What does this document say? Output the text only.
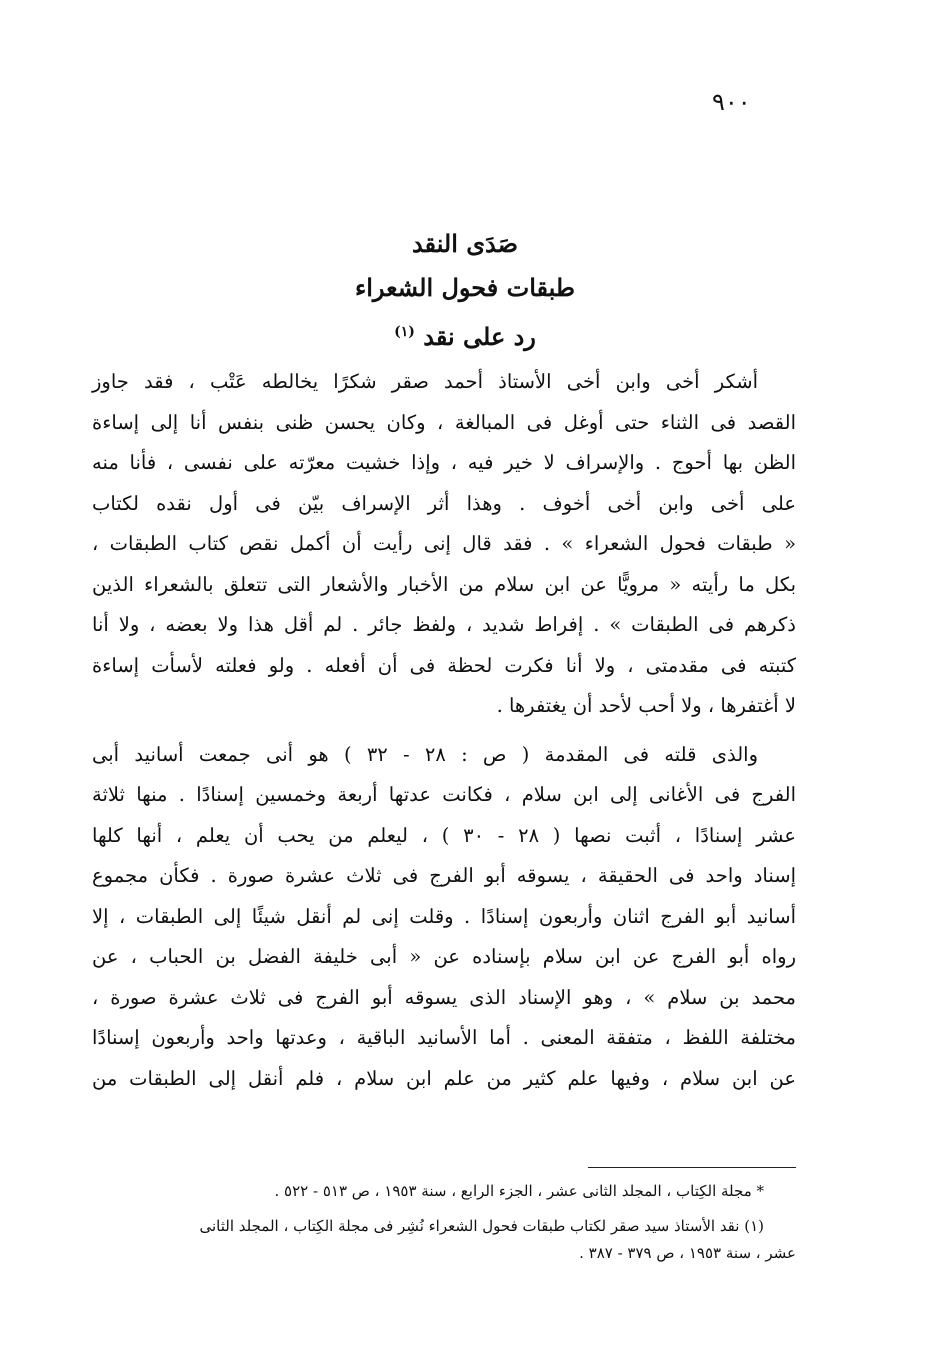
٩٠٠
صَدَى النقد
طبقات فحول الشعراء
رد على نقد $^{(١)}$
أشكر أخى وابن أخى الأستاذ أحمد صقر شكرًا يخالطه عَتْب ، فقد جاوز
القصد فى الثناء حتى أوغل فى المبالغة ، وكان يحسن ظنى بنفس أنا إلى إساءة
الظن بها أحوج . والإسراف لا خير فيه ، وإذا خشيت معرّته على نفسى ، فأنا منه
على أخى وابن أخى أخوف . وهذا أثر الإسراف بيّن فى أول نقده لكتاب
« طبقات فحول الشعراء » . فقد قال إنى رأيت أن أكمل نقص كتاب الطبقات ،
بكل ما رأيته « مرويًّا عن ابن سلام من الأخبار والأشعار التى تتعلق بالشعراء الذين
ذكرهم فى الطبقات » . إفراط شديد ، ولفظ جائر . لم أقل هذا ولا بعضه ، ولا أنا
كتبته فى مقدمتى ، ولا أنا فكرت لحظة فى أن أفعله . ولو فعلته لأسأت إساءة
لا أغتفرها ، ولا أحب لأحد أن يغتفرها .
والذى قلته فى المقدمة ( ص : ٢٨ - ٣٢ ) هو أنى جمعت أسانيد أبى
الفرج فى الأغانى إلى ابن سلام ، فكانت عدتها أربعة وخمسين إسنادًا . منها ثلاثة
عشر إسنادًا ، أثبت نصها ( ٢٨ - ٣٠ ) ، ليعلم من يحب أن يعلم ، أنها كلها
إسناد واحد فى الحقيقة ، يسوقه أبو الفرج فى ثلاث عشرة صورة . فكأن مجموع
أسانيد أبو الفرج اثنان وأربعون إسنادًا . وقلت إنى لم أنقل شيئًا إلى الطبقات ، إلا
رواه أبو الفرج عن ابن سلام بإسناده عن « أبى خليفة الفضل بن الحباب ، عن
محمد بن سلام » ، وهو الإسناد الذى يسوقه أبو الفرج فى ثلاث عشرة صورة ،
مختلفة اللفظ ، متفقة المعنى . أما الأسانيد الباقية ، وعدتها واحد وأربعون إسنادًا
عن ابن سلام ، وفيها علم كثير من علم ابن سلام ، فلم أنقل إلى الطبقات من
* مجلة الكِتاب ، المجلد الثانى عشر ، الجزء الرابع ، سنة ١٩٥٣ ، ص ٥١٣ - ٥٢٢ .
(١) نقد الأستاذ سيد صقر لكتاب طبقات فحول الشعراء نُشِر فى مجلة الكِتاب ، المجلد الثانى
عشر ، سنة ١٩٥٣ ، ص ٣٧٩ - ٣٨٧ .
